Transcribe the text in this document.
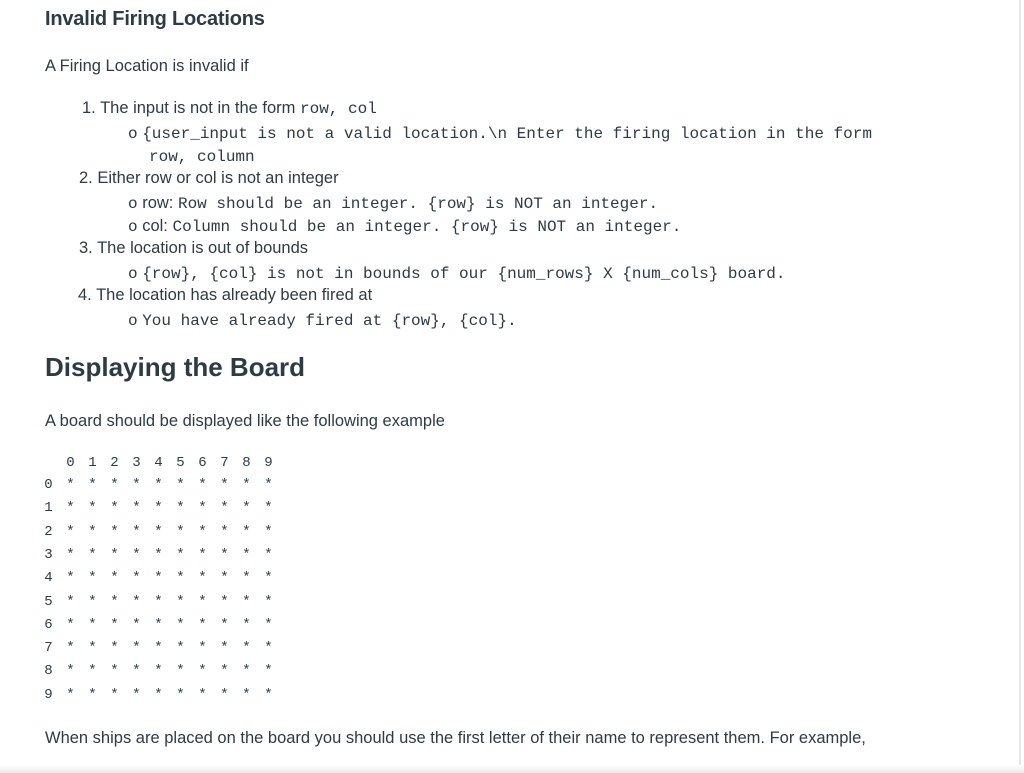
Invalid Firing Locations

A Firing Location is invalid if

1. The input is not in the form row, col
o {user_input is not a valid location.\n Enter the firing location in the form
row, column
2. Either row or col is not an integer
o row: Row should be an integer. {row} is NOT an integer.
o col: Column should be an integer. {row} is NOT an integer.
3. The location is out of bounds
o {row}, {col} is not in bounds of our {num_rows} X {num_cols} board.
4. The location has already been fired at
o You have already fired at {row}, {col}.
Displaying the Board

A board should be displayed like the following example

0 1 2 3 4 5 6 7 8 9
0 * * * * * * * * * *
1 * * * * * * * * * *
2 * * * * * * * * * *
3 * * * * * * * * * *
4 * * * * * * * * * *
5 * * * * * * * * * *
6 * * * * * * * * * *
7 * * * * * * * * * *
8 * * * * * * * * * *
9 * * * * * * * * * *

When ships are placed on the board you should use the first letter of their name to represent them. For example,
